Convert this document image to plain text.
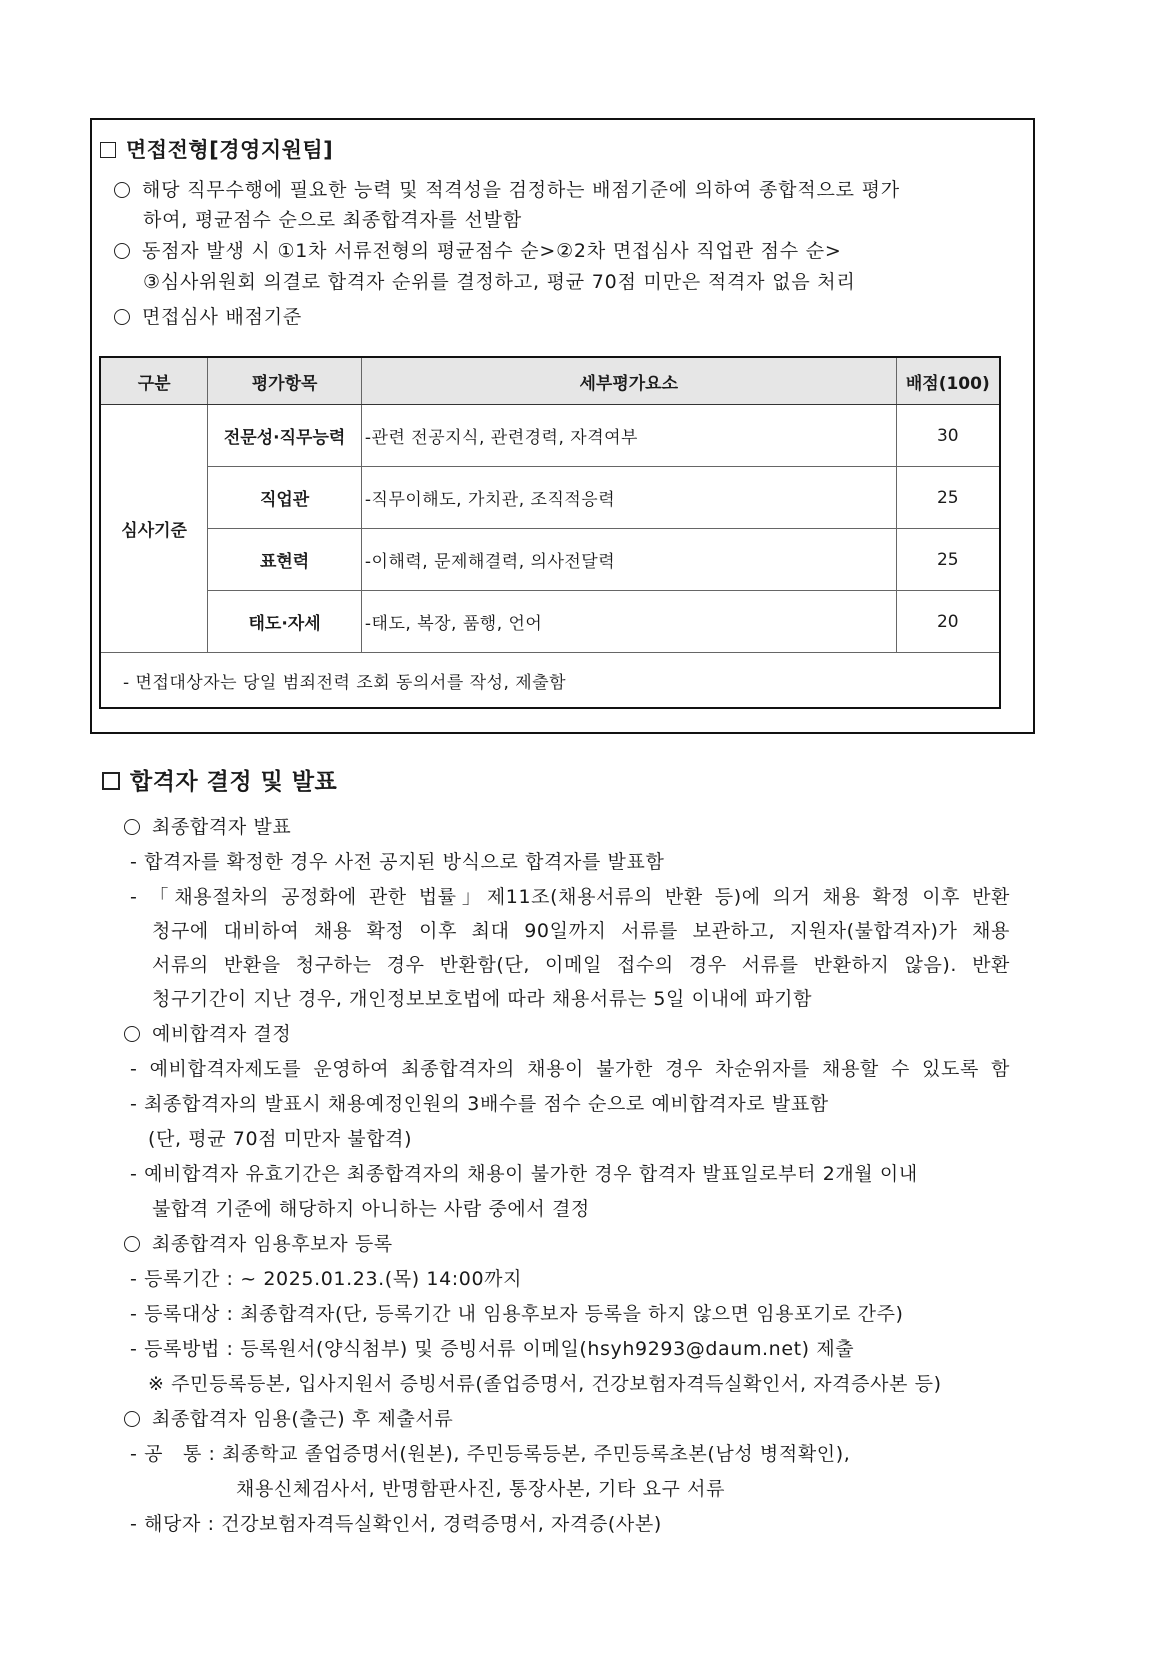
면접전형[경영지원팀]
해당 직무수행에 필요한 능력 및 적격성을 검정하는 배점기준에 의하여 종합적으로 평가
하여, 평균점수 순으로 최종합격자를 선발함
동점자 발생 시 ①1차 서류전형의 평균점수 순>②2차 면접심사 직업관 점수 순>
③심사위원회 의결로 합격자 순위를 결정하고, 평균 70점 미만은 적격자 없음 처리
면접심사 배점기준
구분	평가항목	세부평가요소	배점(100)
심사기준	전문성·직무능력	-관련 전공지식, 관련경력, 자격여부	30
	직업관	-직무이해도, 가치관, 조직적응력	25
	표현력	-이해력, 문제해결력, 의사전달력	25
	태도·자세	-태도, 복장, 품행, 언어	20
- 면접대상자는 당일 범죄전력 조회 동의서를 작성, 제출함			
합격자 결정 및 발표
최종합격자 발표
- 합격자를 확정한 경우 사전 공지된 방식으로 합격자를 발표함
- 「채용절차의 공정화에 관한 법률」제11조(채용서류의 반환 등)에 의거 채용 확정 이후 반환
청구에 대비하여 채용 확정 이후 최대 90일까지 서류를 보관하고, 지원자(불합격자)가 채용
서류의 반환을 청구하는 경우 반환함(단, 이메일 접수의 경우 서류를 반환하지 않음). 반환
청구기간이 지난 경우, 개인정보보호법에 따라 채용서류는 5일 이내에 파기함
예비합격자 결정
- 예비합격자제도를 운영하여 최종합격자의 채용이 불가한 경우 차순위자를 채용할 수 있도록 함
- 최종합격자의 발표시 채용예정인원의 3배수를 점수 순으로 예비합격자로 발표함
(단, 평균 70점 미만자 불합격)
- 예비합격자 유효기간은 최종합격자의 채용이 불가한 경우 합격자 발표일로부터 2개월 이내
불합격 기준에 해당하지 아니하는 사람 중에서 결정
최종합격자 임용후보자 등록
- 등록기간 : ~ 2025.01.23.(목) 14:00까지
- 등록대상 : 최종합격자(단, 등록기간 내 임용후보자 등록을 하지 않으면 임용포기로 간주)
- 등록방법 : 등록원서(양식첨부) 및 증빙서류 이메일(hsyh9293@daum.net) 제출
※ 주민등록등본, 입사지원서 증빙서류(졸업증명서, 건강보험자격득실확인서, 자격증사본 등)
최종합격자 임용(출근) 후 제출서류
- 공   통 : 최종학교 졸업증명서(원본), 주민등록등본, 주민등록초본(남성 병적확인),
채용신체검사서, 반명함판사진, 통장사본, 기타 요구 서류
- 해당자 : 건강보험자격득실확인서, 경력증명서, 자격증(사본)
